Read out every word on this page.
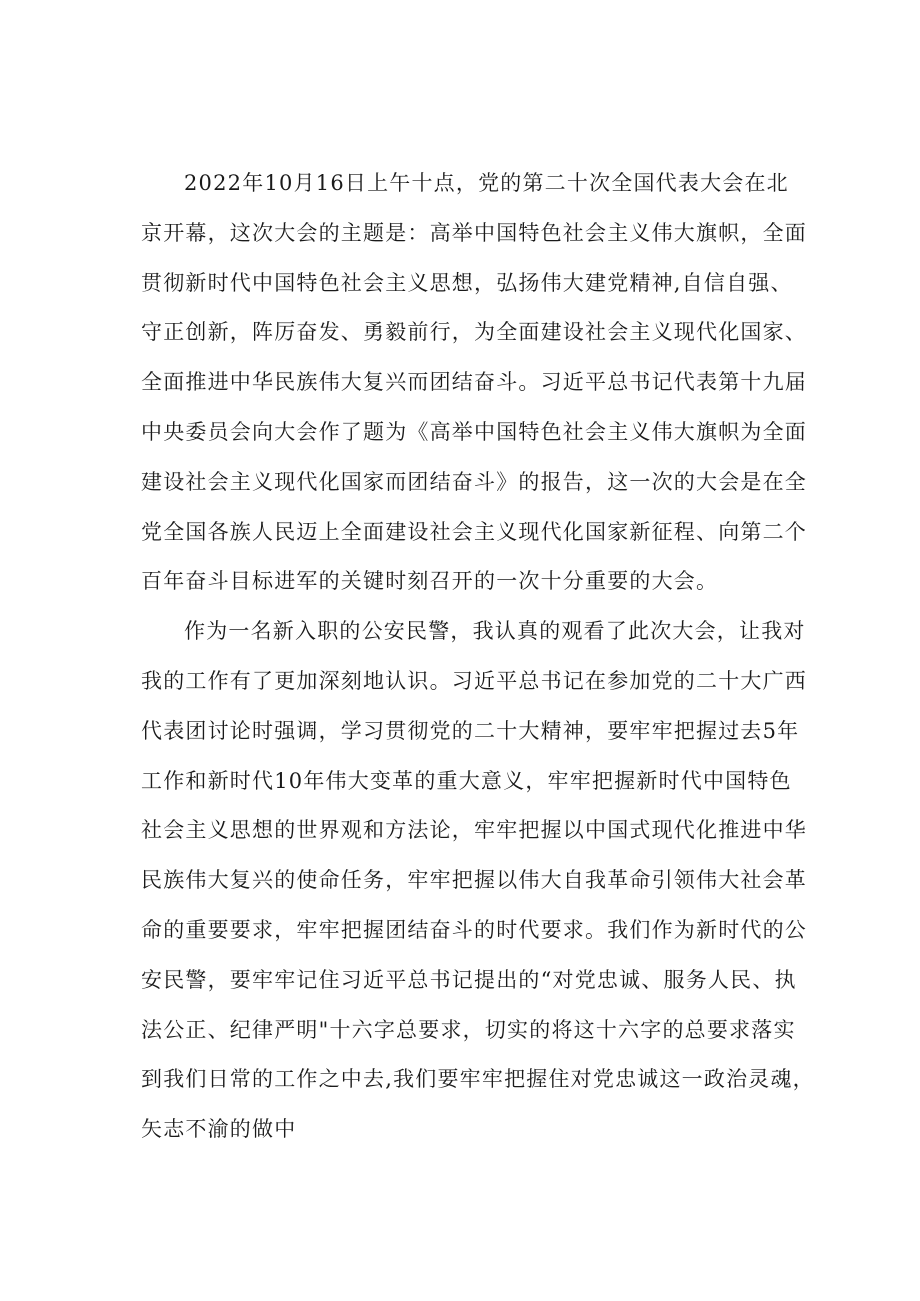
2022年10月16日上午十点，党的第二十次全国代表大会在北
京开幕，这次大会的主题是：高举中国特色社会主义伟大旗帜，全面
贯彻新时代中国特色社会主义思想，弘扬伟大建党精神,自信自强、
守正创新，阵厉奋发、勇毅前行，为全面建设社会主义现代化国家、
全面推进中华民族伟大复兴而团结奋斗。习近平总书记代表第十九届
中央委员会向大会作了题为《高举中国特色社会主义伟大旗帜为全面
建设社会主义现代化国家而团结奋斗》的报告，这一次的大会是在全
党全国各族人民迈上全面建设社会主义现代化国家新征程、向第二个
百年奋斗目标进军的关键时刻召开的一次十分重要的大会。
作为一名新入职的公安民警，我认真的观看了此次大会，让我对
我的工作有了更加深刻地认识。习近平总书记在参加党的二十大广西
代表团讨论时强调，学习贯彻党的二十大精神，要牢牢把握过去5年
工作和新时代10年伟大变革的重大意义，牢牢把握新时代中国特色
社会主义思想的世界观和方法论，牢牢把握以中国式现代化推进中华
民族伟大复兴的使命任务，牢牢把握以伟大自我革命引领伟大社会革
命的重要要求，牢牢把握团结奋斗的时代要求。我们作为新时代的公
安民警，要牢牢记住习近平总书记提出的“对党忠诚、服务人民、执
法公正、纪律严明"十六字总要求，切实的将这十六字的总要求落实
到我们日常的工作之中去,我们要牢牢把握住对党忠诚这一政治灵魂，
矢志不渝的做中
